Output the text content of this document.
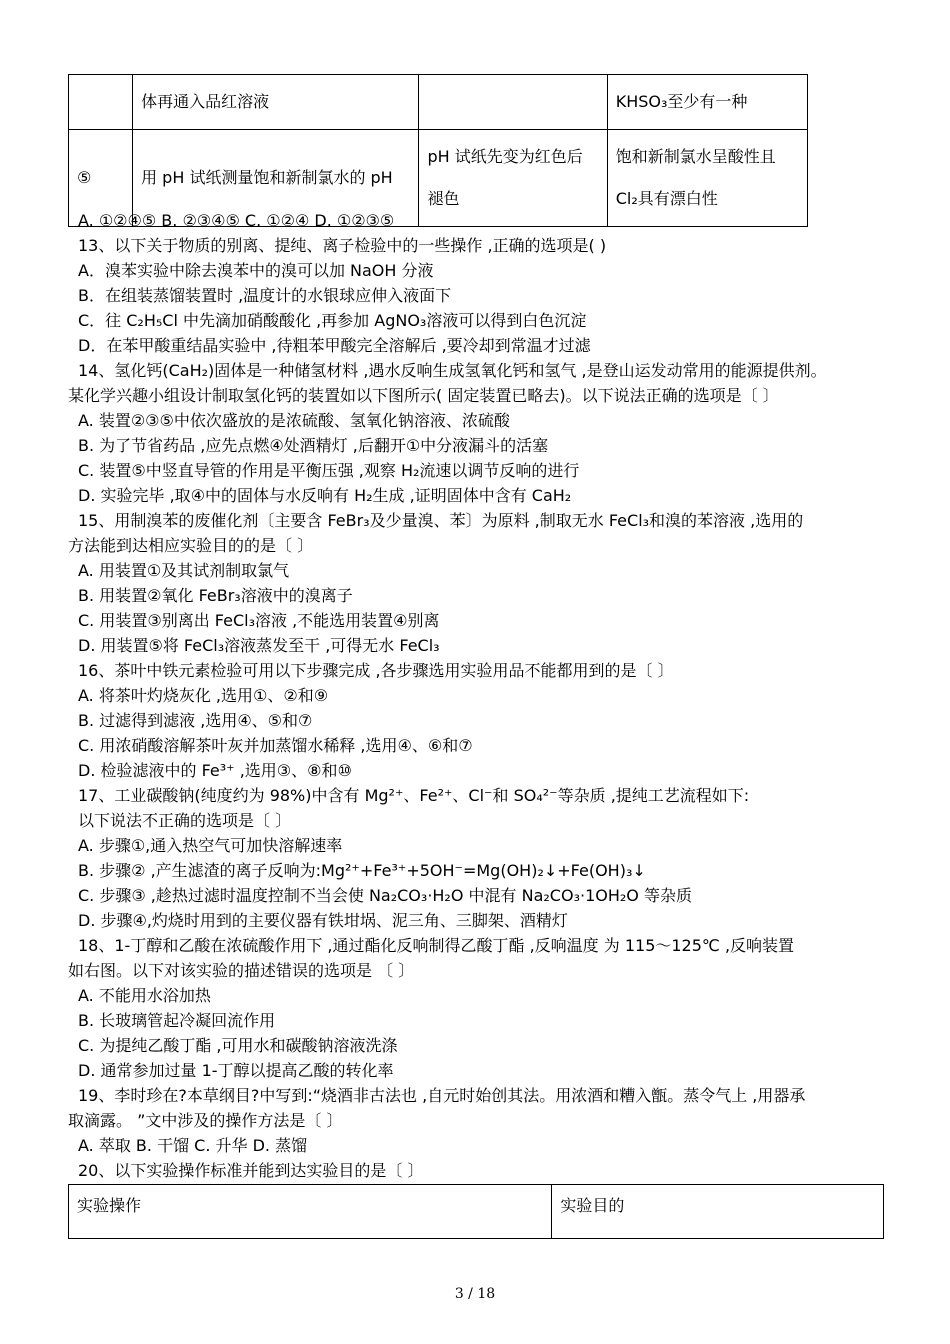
	体再通入品红溶液		KHSO₃至少有一种
⑤	用 pH 试纸测量饱和新制氯水的 pH	pH 试纸先变为红色后褪色	饱和新制氯水呈酸性且 Cl₂具有漂白性
A. ①②④⑤ B. ②③④⑤ C. ①②④ D. ①②③⑤
13、以下关于物质的别离、提纯、离子检验中的一些操作 ,正确的选项是( )
A．溴苯实验中除去溴苯中的溴可以加 NaOH 分液
B．在组装蒸馏装置时 ,温度计的水银球应伸入液面下
C．往 C₂H₅Cl 中先滴加硝酸酸化 ,再参加 AgNO₃溶液可以得到白色沉淀
D．在苯甲酸重结晶实验中 ,待粗苯甲酸完全溶解后 ,要冷却到常温才过滤
14、氢化钙(CaH₂)固体是一种储氢材料 ,遇水反响生成氢氧化钙和氢气 ,是登山运发动常用的能源提供剂。
某化学兴趣小组设计制取氢化钙的装置如以下图所示( 固定装置已略去)。以下说法正确的选项是〔 〕
A. 装置②③⑤中依次盛放的是浓硫酸、氢氧化钠溶液、浓硫酸
B. 为了节省药品 ,应先点燃④处酒精灯 ,后翻开①中分液漏斗的活塞
C. 装置⑤中竖直导管的作用是平衡压强 ,观察 H₂流速以调节反响的进行
D. 实验完毕 ,取④中的固体与水反响有 H₂生成 ,证明固体中含有 CaH₂
15、用制溴苯的废催化剂〔主要含 FeBr₃及少量溴、苯〕为原料 ,制取无水 FeCl₃和溴的苯溶液 ,选用的
方法能到达相应实验目的的是〔 〕
A. 用装置①及其试剂制取氯气
B. 用装置②氧化 FeBr₃溶液中的溴离子
C. 用装置③别离出 FeCl₃溶液 ,不能选用装置④别离
D. 用装置⑤将 FeCl₃溶液蒸发至干 ,可得无水 FeCl₃
16、茶叶中铁元素检验可用以下步骤完成 ,各步骤选用实验用品不能都用到的是〔 〕
A. 将茶叶灼烧灰化 ,选用①、②和⑨
B. 过滤得到滤液 ,选用④、⑤和⑦
C. 用浓硝酸溶解茶叶灰并加蒸馏水稀释 ,选用④、⑥和⑦
D. 检验滤液中的 Fe³⁺ ,选用③、⑧和⑩
17、工业碳酸钠(纯度约为 98%)中含有 Mg²⁺、Fe²⁺、Cl⁻和 SO₄²⁻等杂质 ,提纯工艺流程如下:
以下说法不正确的选项是〔 〕
A. 步骤①,通入热空气可加快溶解速率
B. 步骤② ,产生滤渣的离子反响为:Mg²⁺+Fe³⁺+5OH⁻=Mg(OH)₂↓+Fe(OH)₃↓
C. 步骤③ ,趁热过滤时温度控制不当会使 Na₂CO₃·H₂O 中混有 Na₂CO₃·1OH₂O 等杂质
D. 步骤④,灼烧时用到的主要仪器有铁坩埚、泥三角、三脚架、酒精灯
18、1-丁醇和乙酸在浓硫酸作用下 ,通过酯化反响制得乙酸丁酯 ,反响温度 为 115～125℃ ,反响装置
如右图。以下对该实验的描述错误的选项是 〔 〕
A. 不能用水浴加热
B. 长玻璃管起冷凝回流作用
C. 为提纯乙酸丁酯 ,可用水和碳酸钠溶液洗涤
D. 通常参加过量 1-丁醇以提高乙酸的转化率
19、李时珍在?本草纲目?中写到:“烧酒非古法也 ,自元时始创其法。用浓酒和糟入甑。蒸令气上 ,用器承
取滴露。 ”文中涉及的操作方法是〔 〕
A. 萃取 B. 干馏 C. 升华 D. 蒸馏
20、以下实验操作标准并能到达实验目的是〔 〕
实验操作	实验目的
3 / 18
